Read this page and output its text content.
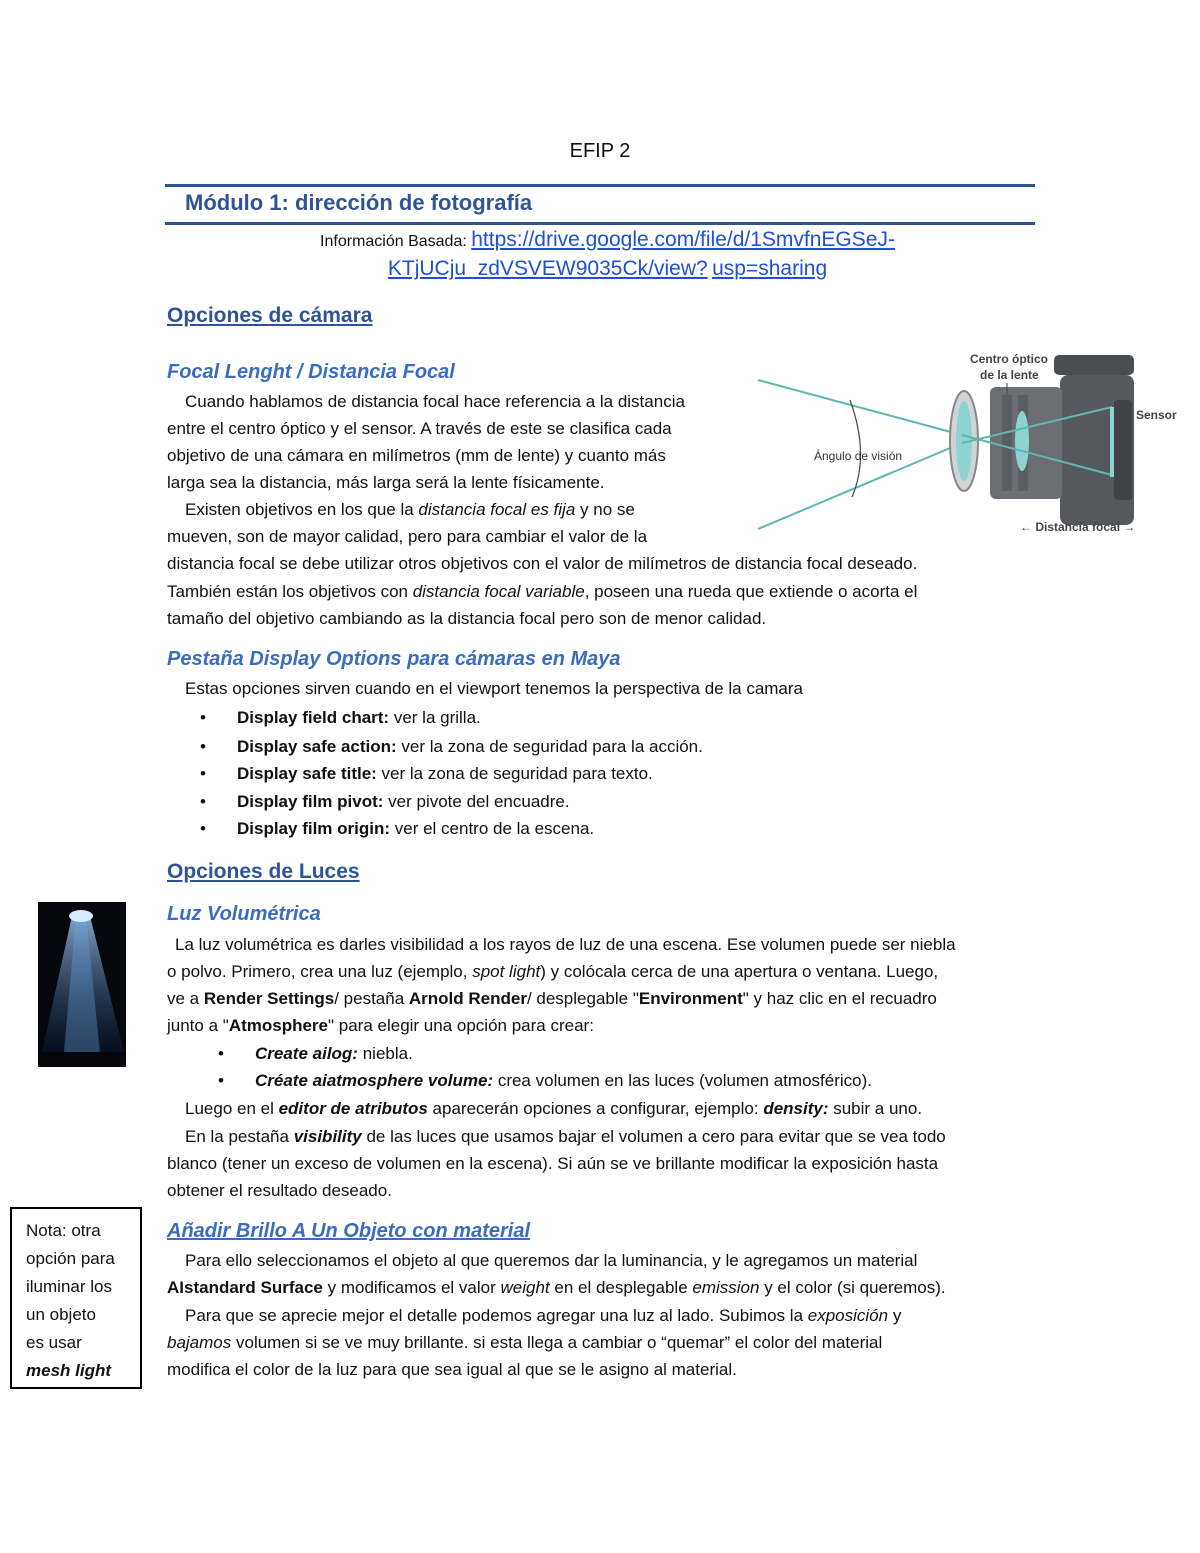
EFIP 2
Módulo 1: dirección de fotografía
Información Basada: https://drive.google.com/file/d/1SmvfnEGSeJ-
KTjUCju_zdVSVEW9035Ck/view? usp=sharing
Opciones de cámara
Focal Lenght / Distancia Focal
Cuando hablamos de distancia focal hace referencia a la distancia
entre el centro óptico y el sensor. A través de este se clasifica cada
objetivo de una cámara en milímetros (mm de lente) y cuanto más
larga sea la distancia, más larga será la lente físicamente.
Existen objetivos en los que la distancia focal es fija y no se
mueven, son de mayor calidad, pero para cambiar el valor de la
distancia focal se debe utilizar otros objetivos con el valor de milímetros de distancia focal deseado.
También están los objetivos con distancia focal variable, poseen una rueda que extiende o acorta el
tamaño del objetivo cambiando as la distancia focal pero son de menor calidad.
Ángulo de visión
Centro óptico
de la lente
Sensor
← Distancia focal →
Pestaña Display Options para cámaras en Maya
Estas opciones sirven cuando en el viewport tenemos la perspectiva de la camara
• Display field chart: ver la grilla.
• Display safe action: ver la zona de seguridad para la acción.
• Display safe title: ver la zona de seguridad para texto.
• Display film pivot: ver pivote del encuadre.
• Display film origin: ver el centro de la escena.
Opciones de Luces
Luz Volumétrica
La luz volumétrica es darles visibilidad a los rayos de luz de una escena. Ese volumen puede ser niebla
o polvo. Primero, crea una luz (ejemplo, spot light) y colócala cerca de una apertura o ventana. Luego,
ve a Render Settings/ pestaña Arnold Render/ desplegable "Environment" y haz clic en el recuadro
junto a "Atmosphere" para elegir una opción para crear:
• Create ailog: niebla.
• Créate aiatmosphere volume: crea volumen en las luces (volumen atmosférico).
Luego en el editor de atributos aparecerán opciones a configurar, ejemplo: density: subir a uno.
En la pestaña visibility de las luces que usamos bajar el volumen a cero para evitar que se vea todo
blanco (tener un exceso de volumen en la escena). Si aún se ve brillante modificar la exposición hasta
obtener el resultado deseado.
Nota: otra
opción para
iluminar los
un objeto
es usar
mesh light
Añadir Brillo A Un Objeto con material
Para ello seleccionamos el objeto al que queremos dar la luminancia, y le agregamos un material
AIstandard Surface y modificamos el valor weight en el desplegable emission y el color (si queremos).
Para que se aprecie mejor el detalle podemos agregar una luz al lado. Subimos la exposición y
bajamos volumen si se ve muy brillante. si esta llega a cambiar o “quemar” el color del material
modifica el color de la luz para que sea igual al que se le asigno al material.
